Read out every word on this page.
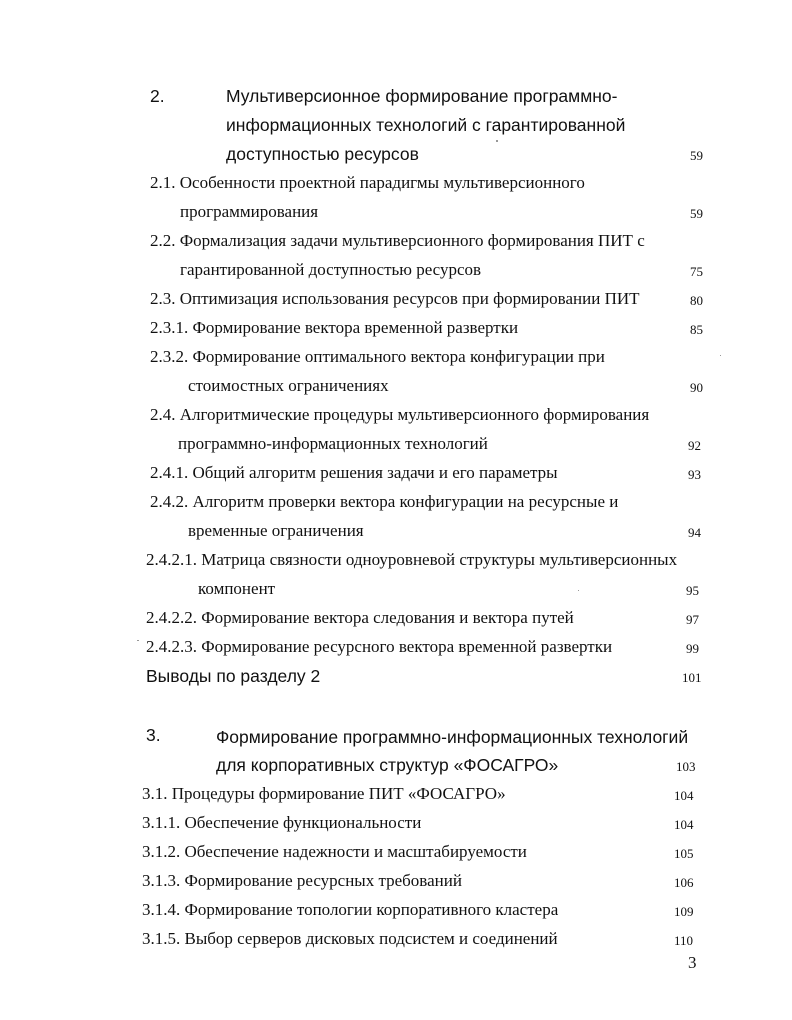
2.	Мультиверсионное формирование программно-
информационных технологий с гарантированной
доступностью ресурсов	59
2.1. Особенности проектной парадигмы мультиверсионного
программирования	59
2.2. Формализация задачи мультиверсионного формирования ПИТ с
гарантированной доступностью ресурсов	75
2.3. Оптимизация использования ресурсов при формировании ПИТ	80
2.3.1. Формирование вектора временной развертки	85
2.3.2. Формирование оптимального вектора конфигурации при
стоимостных ограничениях	90
2.4. Алгоритмические процедуры мультиверсионного формирования
программно-информационных технологий	92
2.4.1. Общий алгоритм решения задачи и его параметры	93
2.4.2. Алгоритм проверки вектора конфигурации на ресурсные и
временные ограничения	94
2.4.2.1. Матрица связности одноуровневой структуры мультиверсионных
компонент	95
2.4.2.2. Формирование вектора следования и вектора путей	97
2.4.2.3. Формирование ресурсного вектора временной развертки	99
Выводы по разделу 2	101
3.	Формирование программно-информационных технологий
для корпоративных структур «ФОСАГРО»	103
3.1. Процедуры формирование ПИТ «ФОСАГРО»	104
3.1.1. Обеспечение функциональности	104
3.1.2. Обеспечение надежности и масштабируемости	105
3.1.3. Формирование ресурсных требований	106
3.1.4. Формирование топологии корпоративного кластера	109
3.1.5. Выбор серверов дисковых подсистем и соединений	110
3
